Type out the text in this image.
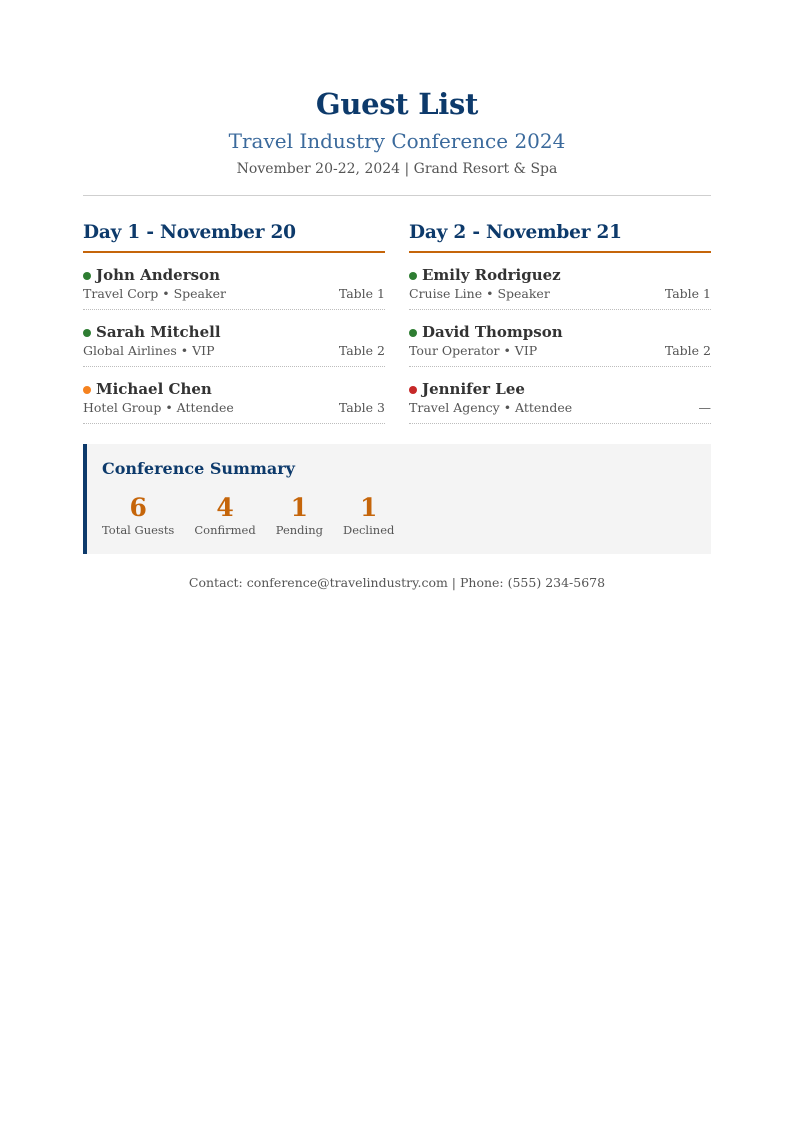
Guest List
Travel Industry Conference 2024
November 20-22, 2024 | Grand Resort & Spa
Day 1 - November 20
John Anderson
Travel Corp • Speaker	Table 1
Sarah Mitchell
Global Airlines • VIP	Table 2
Michael Chen
Hotel Group • Attendee	Table 3
Day 2 - November 21
Emily Rodriguez
Cruise Line • Speaker	Table 1
David Thompson
Tour Operator • VIP	Table 2
Jennifer Lee
Travel Agency • Attendee	—
Conference Summary
6
Total Guests
4
Confirmed
1
Pending
1
Declined
Contact: conference@travelindustry.com | Phone: (555) 234-5678
